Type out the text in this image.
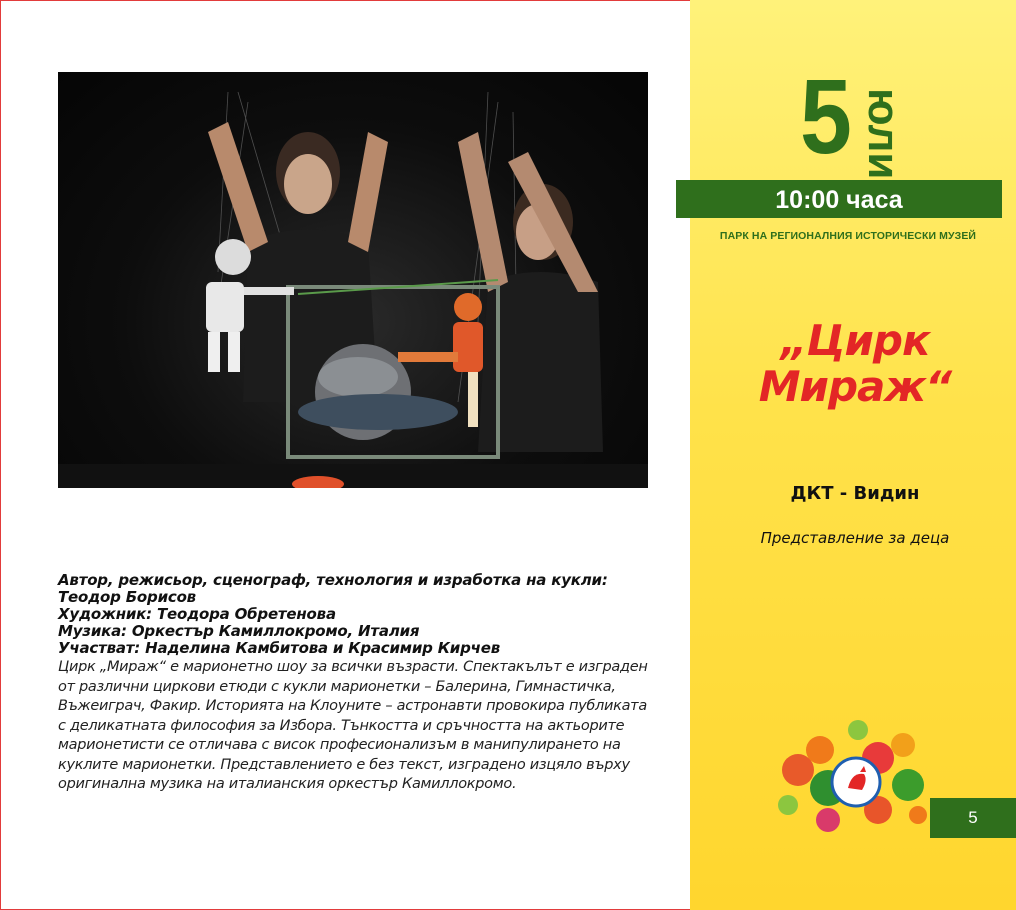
Автор, режисьор, сценограф, технология и изработка на кукли:
Теодор Борисов
Художник: Теодора Обретенова
Музика: Оркестър Камиллокромо, Италия
Участват: Наделина Камбитова и Красимир Кирчев
Цирк „Мираж“ е марионетно шоу за всички възрасти. Спектакълът е изграден от различни циркови етюди с кукли марионетки – Балерина, Гимнастичка, Въжеиграч, Факир. Историята на Клоуните – астронавти провокира публиката с деликатната философия за Избора. Тънкостта и сръчността на актьорите марионетисти се отличава с висок професионализъм в манипулирането на куклите марионетки. Представлението е без текст, изградено изцяло върху оригинална музика на италианския оркестър Камиллокромо.
5 юли
10:00 часа
ПАРК НА РЕГИОНАЛНИЯ ИСТОРИЧЕСКИ МУЗЕЙ
„Цирк
Мираж“
ДКТ - Видин
Представление за деца
5
